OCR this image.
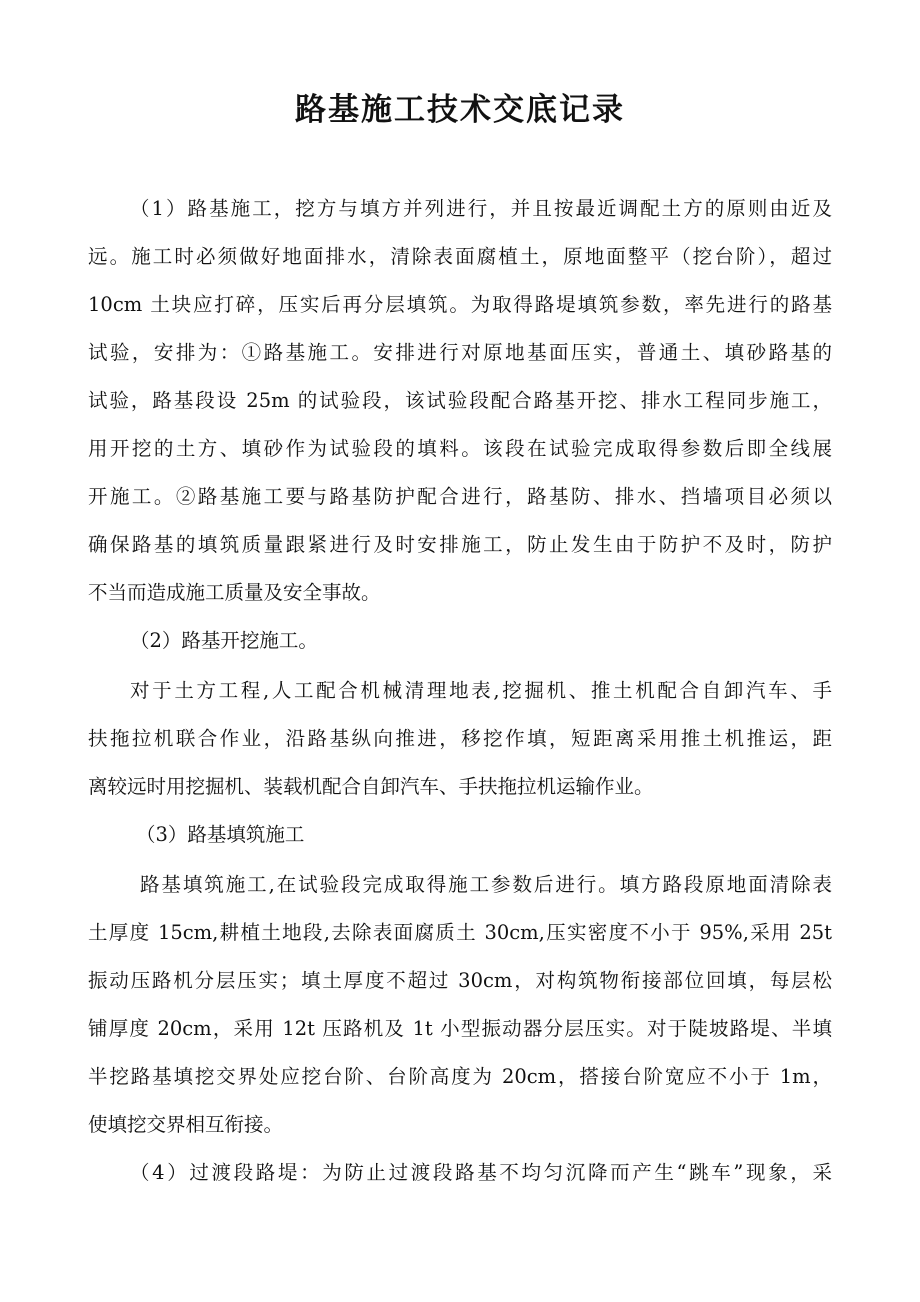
路基施工技术交底记录
（1）路基施工，挖方与填方并列进行，并且按最近调配土方的原则由近及
远。施工时必须做好地面排水，清除表面腐植土，原地面整平（挖台阶），超过
10cm 土块应打碎，压实后再分层填筑。为取得路堤填筑参数，率先进行的路基
试验，安排为：①路基施工。安排进行对原地基面压实，普通土、填砂路基的
试验，路基段设 25m 的试验段，该试验段配合路基开挖、排水工程同步施工，
用开挖的土方、填砂作为试验段的填料。该段在试验完成取得参数后即全线展
开施工。②路基施工要与路基防护配合进行，路基防、排水、挡墙项目必须以
确保路基的填筑质量跟紧进行及时安排施工，防止发生由于防护不及时，防护
不当而造成施工质量及安全事故。
（2）路基开挖施工。
对于土方工程,人工配合机械清理地表,挖掘机、推土机配合自卸汽车、手
扶拖拉机联合作业，沿路基纵向推进，移挖作填，短距离采用推土机推运，距
离较远时用挖掘机、装载机配合自卸汽车、手扶拖拉机运输作业。
（3）路基填筑施工
路基填筑施工,在试验段完成取得施工参数后进行。填方路段原地面清除表
土厚度 15cm,耕植土地段,去除表面腐质土 30cm,压实密度不小于 95%,采用 25t
振动压路机分层压实；填土厚度不超过 30cm，对构筑物衔接部位回填，每层松
铺厚度 20cm，采用 12t 压路机及 1t 小型振动器分层压实。对于陡坡路堤、半填
半挖路基填挖交界处应挖台阶、台阶高度为 20cm，搭接台阶宽应不小于 1m，
使填挖交界相互衔接。
（4）过渡段路堤：为防止过渡段路基不均匀沉降而产生“跳车”现象，采
